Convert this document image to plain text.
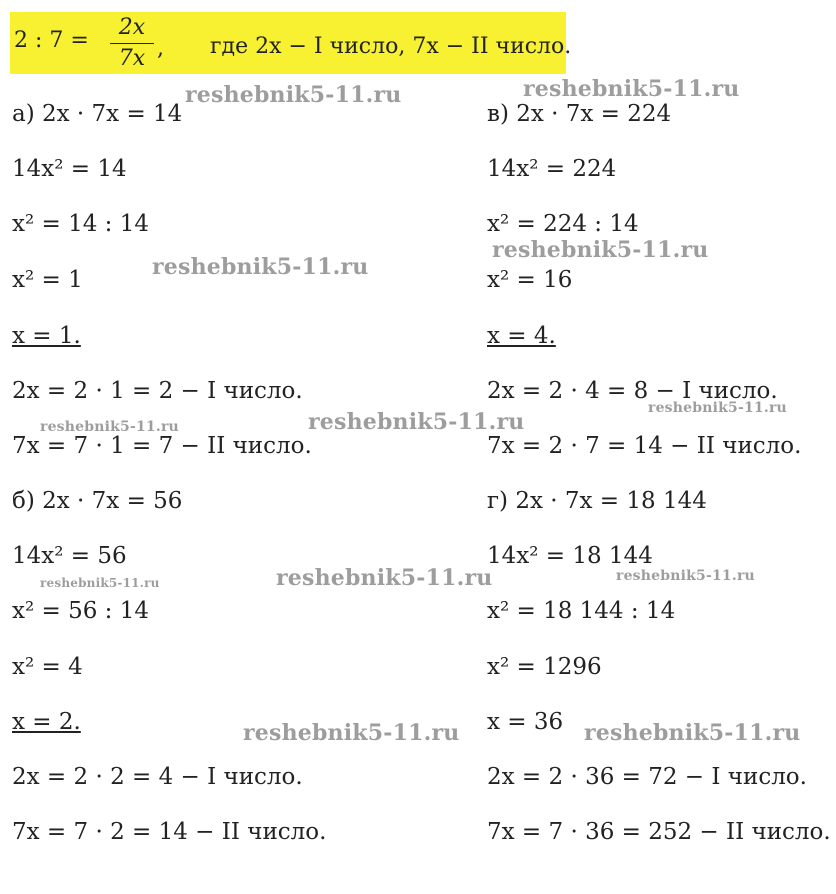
2 : 7 =
2x
7x , где 2x − I число, 7x − II число.
а) 2x · 7x = 14
14x² = 14
x² = 14 : 14
x² = 1
x = 1.
2x = 2 · 1 = 2 − I число.
7x = 7 · 1 = 7 − II число.
б) 2x · 7x = 56
14x² = 56
x² = 56 : 14
x² = 4
x = 2.
2x = 2 · 2 = 4 − I число.
7x = 7 · 2 = 14 − II число.
в) 2x · 7x = 224
14x² = 224
x² = 224 : 14
x² = 16
x = 4.
2x = 2 · 4 = 8 − I число.
7x = 2 · 7 = 14 − II число.
г) 2x · 7x = 18 144
14x² = 18 144
x² = 18 144 : 14
x² = 1296
x = 36
2x = 2 · 36 = 72 − I число.
7x = 7 · 36 = 252 − II число.
reshebnik5-11.ru	reshebnik5-11.ru
reshebnik5-11.ru
reshebnik5-11.ru
reshebnik5-11.ru
reshebnik5-11.ru
reshebnik5-11.ru
reshebnik5-11.ru
reshebnik5-11.ru	reshebnik5-11.ru
reshebnik5-11.ru	reshebnik5-11.ru
